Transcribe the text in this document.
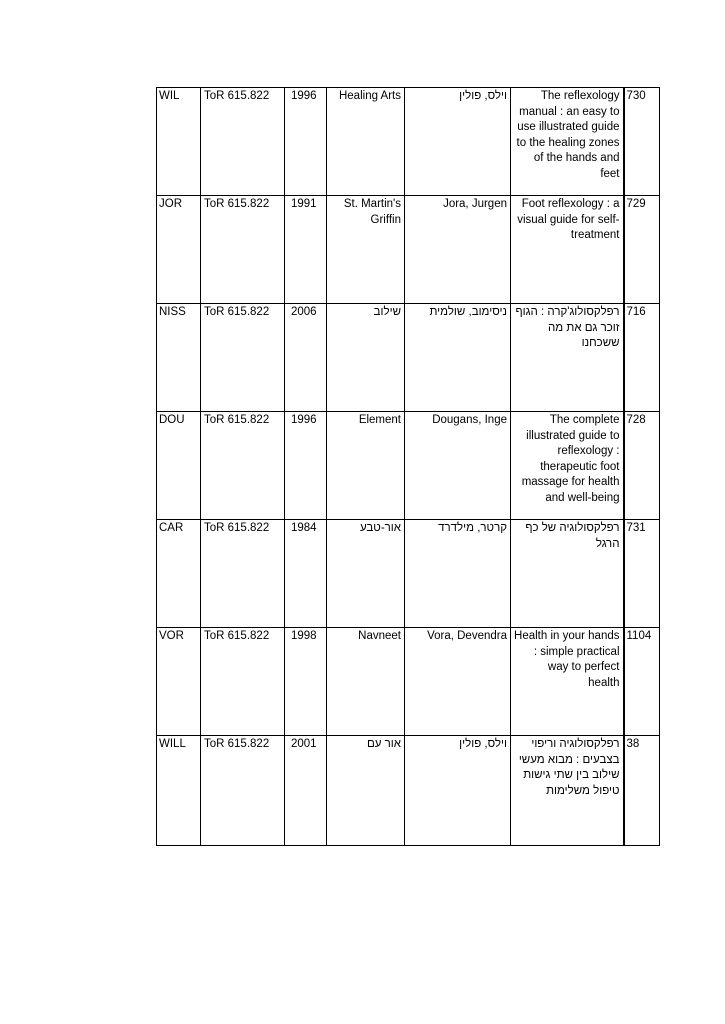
WIL	ToR 615.822	1996	Healing Arts	וילס, פולין	The reflexology manual : an easy to use illustrated guide to the healing zones of the hands and feet	730
JOR	ToR 615.822	1991	St. Martin's Griffin	Jora, Jurgen	Foot reflexology : a visual guide for self-treatment	729
NISS	ToR 615.822	2006	שילוב	ניסימוב, שולמית	רפלקסולוג'קרה : הגוף זוכר גם את מה ששכחנו	716
DOU	ToR 615.822	1996	Element	Dougans, Inge	The complete illustrated guide to reflexology : therapeutic foot massage for health and well-being	728
CAR	ToR 615.822	1984	אור-טבע	קרטר, מילדרד	רפלקסולוגיה של כף הרגל	731
VOR	ToR 615.822	1998	Navneet	Vora, Devendra	Health in your hands : simple practical way to perfect health	1104
WILL	ToR 615.822	2001	אור עם	וילס, פולין	רפלקסולוגיה וריפוי בצבעים : מבוא מעשי שילוב בין שתי גישות טיפול משלימות	38
